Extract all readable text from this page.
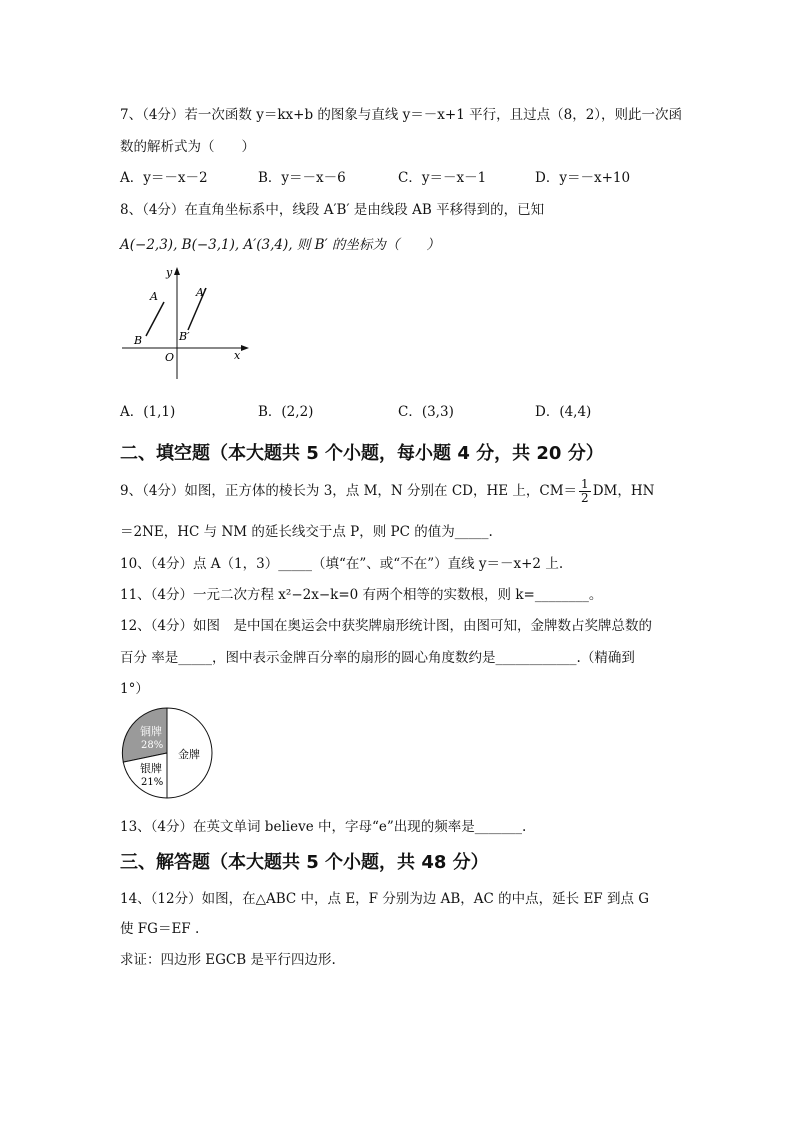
7、（4分）若一次函数 y＝kx+b 的图象与直线 y＝－x+1 平行，且过点（8，2），则此一次函
数的解析式为（　　）
A．y＝－x－2	B．y＝－x－6	C．y＝－x－1	D．y＝－x+10
8、（4分）在直角坐标系中，线段 A′B′ 是由线段 AB 平移得到的，已知
A(−2,3), B(−3,1), A′(3,4), 则 B′ 的坐标为（　　）
y
x
O
A
B
A′
B′
A．(1,1)	B．(2,2)	C．(3,3)	D．(4,4)
二、填空题（本大题共 5 个小题，每小题 4 分，共 20 分）
9、（4分）如图，正方体的棱长为 3，点 M，N 分别在 CD，HE 上，$CM= \frac{1}{2}$ DM，HN
＝2NE，HC 与 NM 的延长线交于点 P，则 PC 的值为_____.
10、（4分）点 A（1，3）_____（填“在”、或“不在”）直线 y＝－x+2 上.
11、（4分）一元二次方程 x²−2x−k=0 有两个相等的实数根，则 k=________。
12、（4分）如图　是中国在奥运会中获奖牌扇形统计图，由图可知，金牌数占奖牌总数的
百分 率是_____，图中表示金牌百分率的扇形的圆心角度数约是____________.（精确到
1°）
铜牌
28%
银牌
21%
金牌
13、（4分）在英文单词 believe 中，字母“e”出现的频率是_______.
三、解答题（本大题共 5 个小题，共 48 分）
14、（12分）如图，在△ABC 中，点 E，F 分别为边 AB，AC 的中点，延长 EF 到点 G
使 FG＝EF .
求证：四边形 EGCB 是平行四边形.
